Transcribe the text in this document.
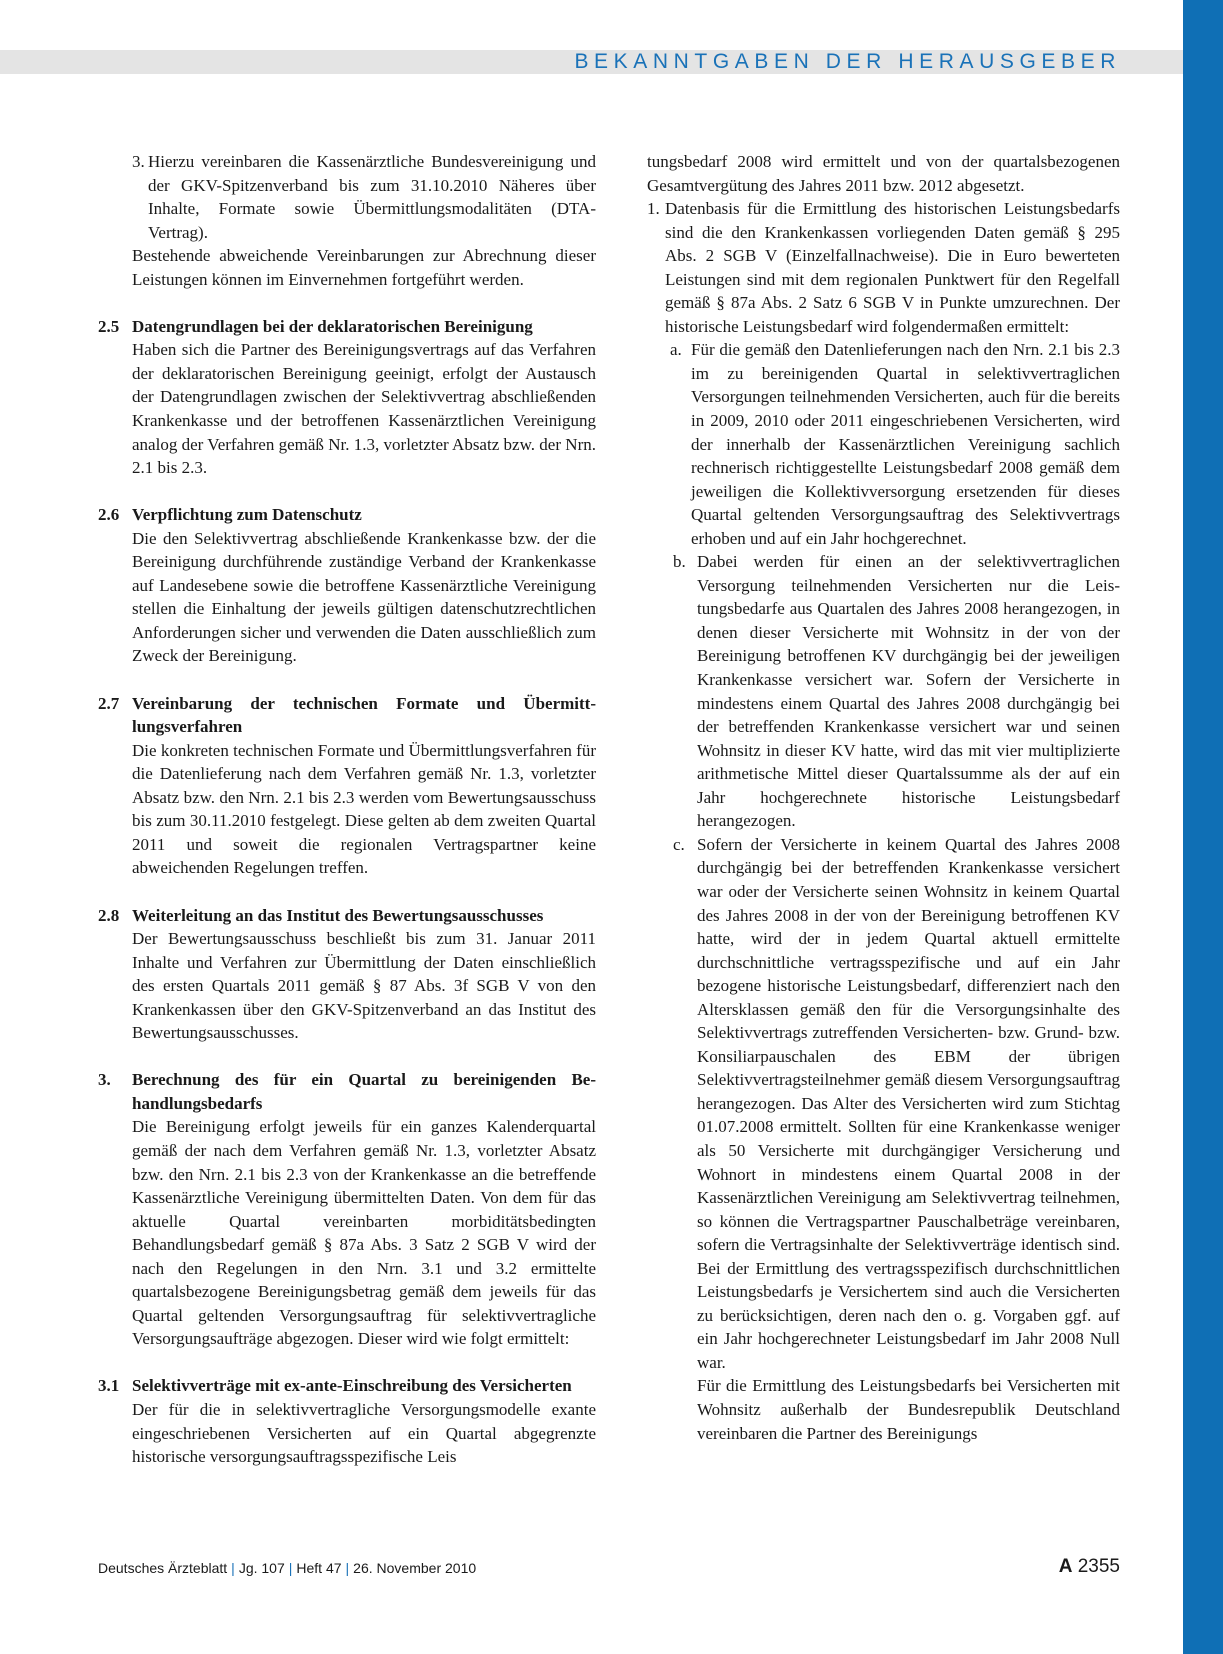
BEKANNTGABEN DER HERAUSGEBER
3. Hierzu vereinbaren die Kassenärztliche Bundesvereinigung und der GKV-Spitzenverband bis zum 31.10.2010 Näheres über Inhalte, Formate sowie Übermittlungsmodalitäten (DTA-Vertrag).

Bestehende abweichende Vereinbarungen zur Abrechnung dieser Leistungen können im Einvernehmen fortgeführt werden.

2.5 Datengrundlagen bei der deklaratorischen Bereinigung

Haben sich die Partner des Bereinigungsvertrags auf das Verfahren der deklaratorischen Bereinigung geeinigt, erfolgt der Austausch der Datengrundlagen zwischen der Selektivvertrag abschließenden Krankenkasse und der betroffenen Kassenärztlichen Vereinigung analog der Verfahren gemäß Nr. 1.3, vorletzter Absatz bzw. der Nrn. 2.1 bis 2.3.

2.6 Verpflichtung zum Datenschutz

Die den Selektivvertrag abschließende Krankenkasse bzw. der die Bereinigung durchführende zuständige Verband der Krankenkasse auf Landesebene sowie die betroffene Kassenärztliche Vereinigung stellen die Einhaltung der jeweils gültigen datenschutzrechtlichen Anforderungen sicher und verwenden die Daten ausschließlich zum Zweck der Bereinigung.

2.7 Vereinbarung der technischen Formate und Übermittlungsverfahren

Die konkreten technischen Formate und Übermittlungsverfahren für die Datenlieferung nach dem Verfahren gemäß Nr. 1.3, vorletzter Absatz bzw. den Nrn. 2.1 bis 2.3 werden vom Bewertungsausschuss bis zum 30.11.2010 festgelegt. Diese gelten ab dem zweiten Quartal 2011 und soweit die regionalen Vertragspartner keine abweichenden Regelungen treffen.

2.8 Weiterleitung an das Institut des Bewertungsausschusses

Der Bewertungsausschuss beschließt bis zum 31. Januar 2011 Inhalte und Verfahren zur Übermittlung der Daten einschließlich des ersten Quartals 2011 gemäß § 87 Abs. 3f SGB V von den Krankenkassen über den GKV-Spitzenverband an das Institut des Bewertungsausschusses.

3. Berechnung des für ein Quartal zu bereinigenden Behandlungsbedarfs

Die Bereinigung erfolgt jeweils für ein ganzes Kalenderquartal gemäß der nach dem Verfahren gemäß Nr. 1.3, vorletzter Absatz bzw. den Nrn. 2.1 bis 2.3 von der Krankenkasse an die betreffende Kassenärztliche Vereinigung übermittelten Daten. Von dem für das aktuelle Quartal vereinbarten morbiditätsbedingten Behandlungsbedarf gemäß § 87a Abs. 3 Satz 2 SGB V wird der nach den Regelungen in den Nrn. 3.1 und 3.2 ermittelte quartalsbezogene Bereinigungsbetrag gemäß dem jeweils für das Quartal geltenden Versorgungsauftrag für selektivvertragliche Versorgungsaufträge abgezogen. Dieser wird wie folgt ermittelt:

3.1 Selektivverträge mit ex-ante-Einschreibung des Versicherten

Der für die in selektivvertragliche Versorgungsmodelle exante eingeschriebenen Versicherten auf ein Quartal abgegrenzte historische versorgungsauftragsspezifische Leis

tungsbedarf 2008 wird ermittelt und von der quartalsbezogenen Gesamtvergütung des Jahres 2011 bzw. 2012 abgesetzt.

1. Datenbasis für die Ermittlung des historischen Leistungsbedarfs sind die den Krankenkassen vorliegenden Daten gemäß § 295 Abs. 2 SGB V (Einzelfallnachweise). Die in Euro bewerteten Leistungen sind mit dem regionalen Punktwert für den Regelfall gemäß § 87a Abs. 2 Satz 6 SGB V in Punkte umzurechnen. Der historische Leistungsbedarf wird folgendermaßen ermittelt:

a. Für die gemäß den Datenlieferungen nach den Nrn. 2.1 bis 2.3 im zu bereinigenden Quartal in selektivvertraglichen Versorgungen teilnehmenden Versicherten, auch für die bereits in 2009, 2010 oder 2011 eingeschriebenen Versicherten, wird der innerhalb der Kassenärztlichen Vereinigung sachlich rechnerisch richtiggestellte Leistungsbedarf 2008 gemäß dem jeweiligen die Kollektivversorgung ersetzenden für dieses Quartal geltenden Versorgungsauftrag des Selektivvertrags erhoben und auf ein Jahr hochgerechnet.

b. Dabei werden für einen an der selektivvertraglichen Versorgung teilnehmenden Versicherten nur die Leistungsbedarfe aus Quartalen des Jahres 2008 herangezogen, in denen dieser Versicherte mit Wohnsitz in der von der Bereinigung betroffenen KV durchgängig bei der jeweiligen Krankenkasse versichert war. Sofern der Versicherte in mindestens einem Quartal des Jahres 2008 durchgängig bei der betreffenden Krankenkasse versichert war und seinen Wohnsitz in dieser KV hatte, wird das mit vier multiplizierte arithmetische Mittel dieser Quartalssumme als der auf ein Jahr hochgerechnete historische Leistungsbedarf herangezogen.

c. Sofern der Versicherte in keinem Quartal des Jahres 2008 durchgängig bei der betreffenden Krankenkasse versichert war oder der Versicherte seinen Wohnsitz in keinem Quartal des Jahres 2008 in der von der Bereinigung betroffenen KV hatte, wird der in jedem Quartal aktuell ermittelte durchschnittliche vertragsspezifische und auf ein Jahr bezogene historische Leistungsbedarf, differenziert nach den Altersklassen gemäß den für die Versorgungsinhalte des Selektivvertrags zutreffenden Versicherten- bzw. Grund- bzw. Konsiliarpauschalen des EBM der übrigen Selektivvertragsteilnehmer gemäß diesem Versorgungsauftrag herangezogen. Das Alter des Versicherten wird zum Stichtag 01.07.2008 ermittelt. Sollten für eine Krankenkasse weniger als 50 Versicherte mit durchgängiger Versicherung und Wohnort in mindestens einem Quartal 2008 in der Kassenärztlichen Vereinigung am Selektivvertrag teilnehmen, so können die Vertragspartner Pauschalbeträge vereinbaren, sofern die Vertragsinhalte der Selektivverträge identisch sind. Bei der Ermittlung des vertragsspezifisch durchschnittlichen Leistungsbedarfs je Versichertem sind auch die Versicherten zu berücksichtigen, deren nach den o. g. Vorgaben ggf. auf ein Jahr hochgerechneter Leistungsbedarf im Jahr 2008 Null war.

Für die Ermittlung des Leistungsbedarfs bei Versicherten mit Wohnsitz außerhalb der Bundesrepublik Deutschland vereinbaren die Partner des Bereinigungs

Deutsches Ärzteblatt | Jg. 107 | Heft 47 | 26. November 2010	A 2355
